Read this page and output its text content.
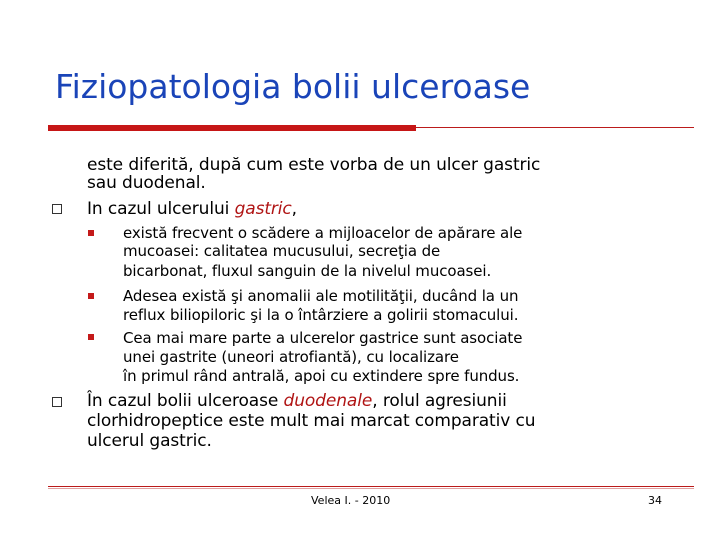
Fiziopatologia bolii ulceroase
este diferită, după cum este vorba de un ulcer gastric
sau duodenal.
In cazul ulcerului gastric,
există frecvent o scădere a mijloacelor de apărare ale
mucoasei: calitatea mucusului, secreţia de
bicarbonat, fluxul sanguin de la nivelul mucoasei.
Adesea există şi anomalii ale motilităţii, ducând la un
reflux biliopiloric şi la o întârziere a golirii stomacului.
Cea mai mare parte a ulcerelor gastrice sunt asociate
unei gastrite (uneori atrofiantă), cu localizare
în primul rând antrală, apoi cu extindere spre fundus.
În cazul bolii ulceroase duodenale, rolul agresiunii
clorhidropeptice este mult mai marcat comparativ cu
ulcerul gastric.
Velea I. - 2010	34
